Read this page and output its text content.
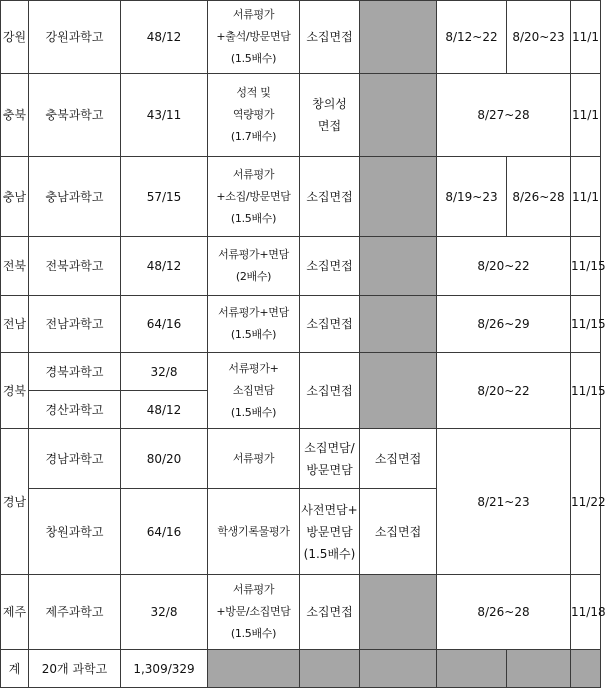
강원	강원과학고	48/12	서류평가
+출석/방문면담
(1.5배수)	소집면접		8/12~22	8/20~23	11/1
충북	충북과학고	43/11	성적 및
역량평가
(1.7배수)	창의성
면접		8/27~28		11/1
충남	충남과학고	57/15	서류평가
+소집/방문면담
(1.5배수)	소집면접		8/19~23	8/26~28	11/1
전북	전북과학고	48/12	서류평가+면담
(2배수)	소집면접		8/20~22		11/15
전남	전남과학고	64/16	서류평가+면담
(1.5배수)	소집면접		8/26~29		11/15
경북	경북과학고	32/8	서류평가+
소집면담
(1.5배수)	소집면접		8/20~22		11/15
	경산과학고	48/12						
경남	경남과학고	80/20	서류평가	소집면담/
방문면담	소집면접	8/21~23		11/22
	창원과학고	64/16	학생기록물평가	사전면담+
방문면담
(1.5배수)	소집면접			
제주	제주과학고	32/8	서류평가
+방문/소집면담
(1.5배수)	소집면접		8/26~28		11/18
계	20개 과학고	1,309/329						
